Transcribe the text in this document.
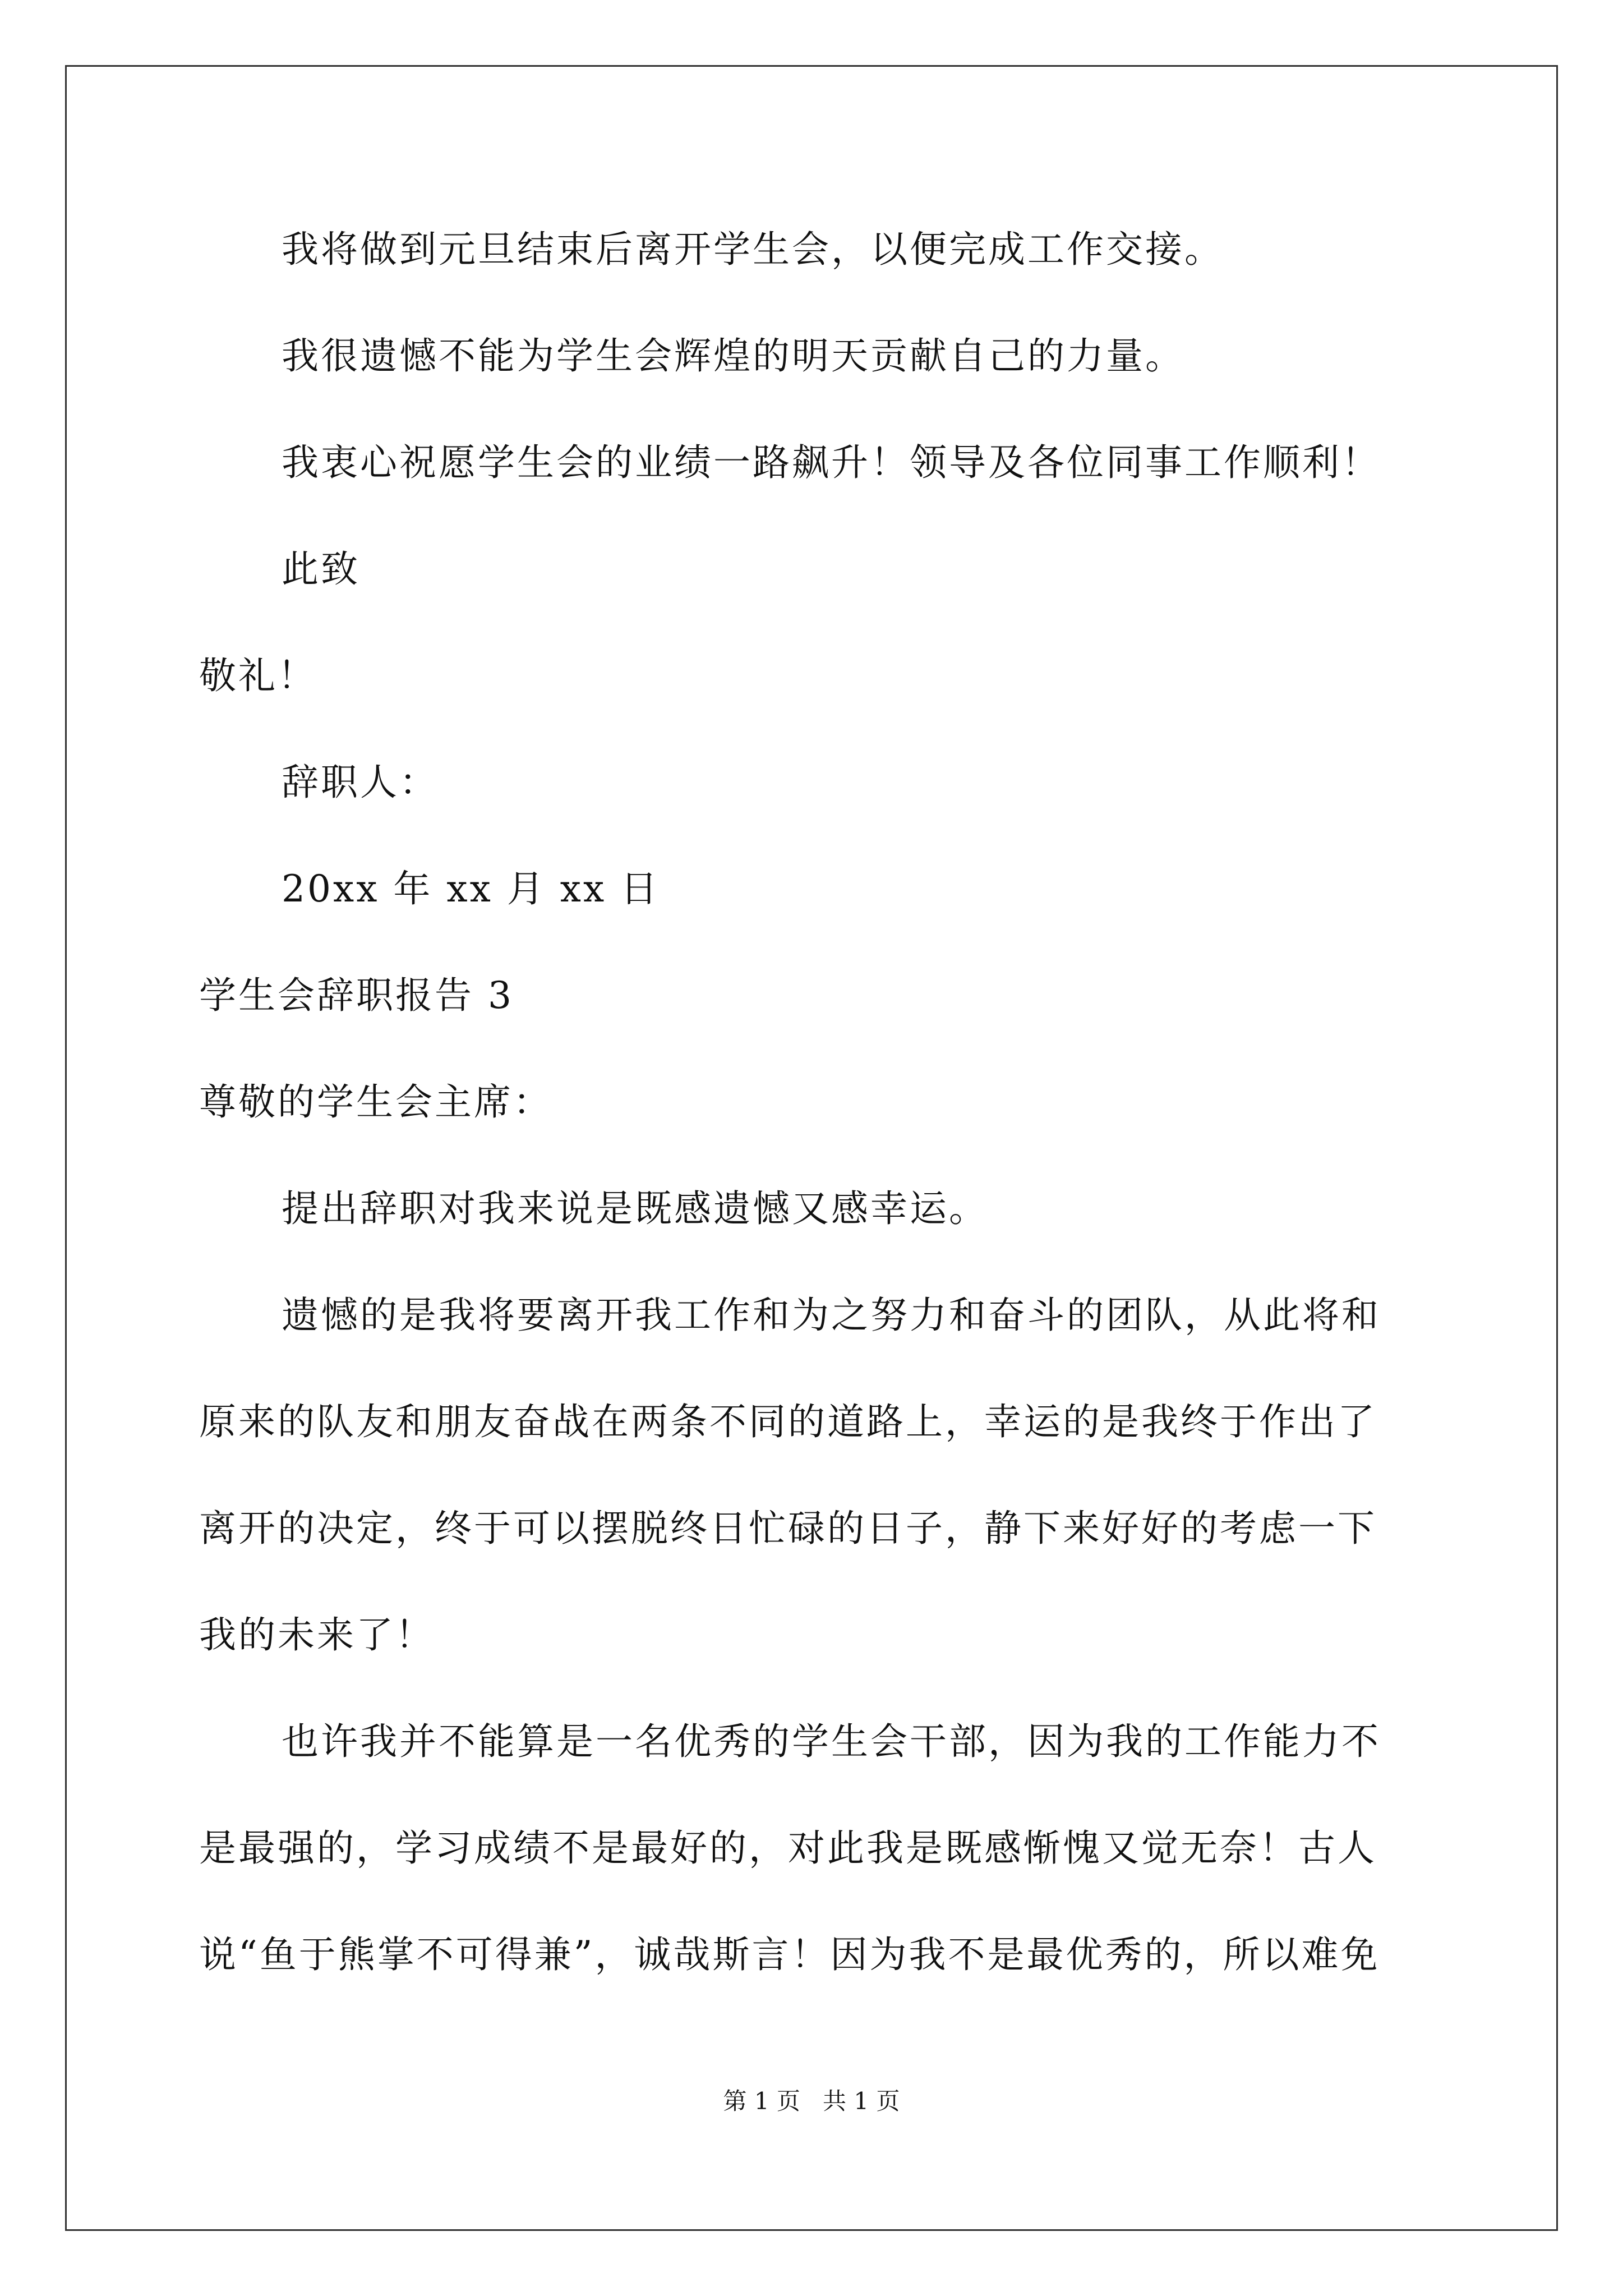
我将做到元旦结束后离开学生会，以便完成工作交接。
我很遗憾不能为学生会辉煌的明天贡献自己的力量。
我衷心祝愿学生会的业绩一路飙升！领导及各位同事工作顺利！
此致
敬礼！
辞职人：
20xx 年 xx 月 xx 日
学生会辞职报告 3
尊敬的学生会主席：
提出辞职对我来说是既感遗憾又感幸运。
遗憾的是我将要离开我工作和为之努力和奋斗的团队，从此将和
原来的队友和朋友奋战在两条不同的道路上，幸运的是我终于作出了
离开的决定，终于可以摆脱终日忙碌的日子，静下来好好的考虑一下
我的未来了！
也许我并不能算是一名优秀的学生会干部，因为我的工作能力不
是最强的，学习成绩不是最好的，对此我是既感惭愧又觉无奈！古人
说“鱼于熊掌不可得兼”，诚哉斯言！因为我不是最优秀的，所以难免
第 1 页   共 1 页
